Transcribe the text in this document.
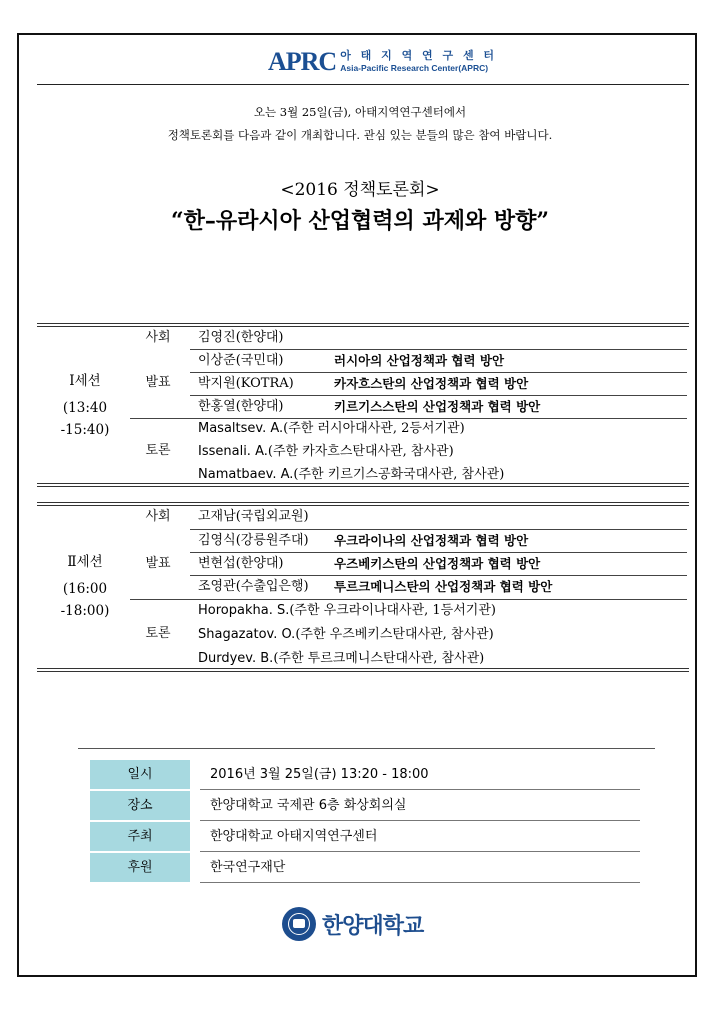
APRC 아 태 지 역 연 구 센 터
Asia-Pacific Research Center(APRC)
오는 3월 25일(금), 아태지역연구센터에서
정책토론회를 다음과 같이 개최합니다. 관심 있는 분들의 많은 참여 바랍니다.
<2016 정책토론회>
“한–유라시아 산업협력의 과제와 방향”
Ⅰ세션
(13:40
-15:40)
사회	김영진(한양대)
발표
이상준(국민대)	러시아의 산업정책과 협력 방안
박지원(KOTRA)	카자흐스탄의 산업정책과 협력 방안
한홍열(한양대)	키르기스스탄의 산업정책과 협력 방안
토론
Masaltsev. A.(주한 러시아대사관, 2등서기관)
Issenali. A.(주한 카자흐스탄대사관, 참사관)
Namatbaev. A.(주한 키르기스공화국대사관, 참사관)
Ⅱ세션
(16:00
-18:00)
사회	고재남(국립외교원)
발표
김영식(강릉원주대) 우크라이나의 산업정책과 협력 방안
변현섭(한양대)	우즈베키스탄의 산업정책과 협력 방안
조영관(수출입은행) 투르크메니스탄의 산업정책과 협력 방안
토론
Horopakha. S.(주한 우크라이나대사관, 1등서기관)
Shagazatov. O.(주한 우즈베키스탄대사관, 참사관)
Durdyev. B.(주한 투르크메니스탄대사관, 참사관)
일시	2016년 3월 25일(금) 13:20 - 18:00
장소	한양대학교 국제관 6층 화상회의실
주최	한양대학교 아태지역연구센터
후원	한국연구재단
한양대학교
